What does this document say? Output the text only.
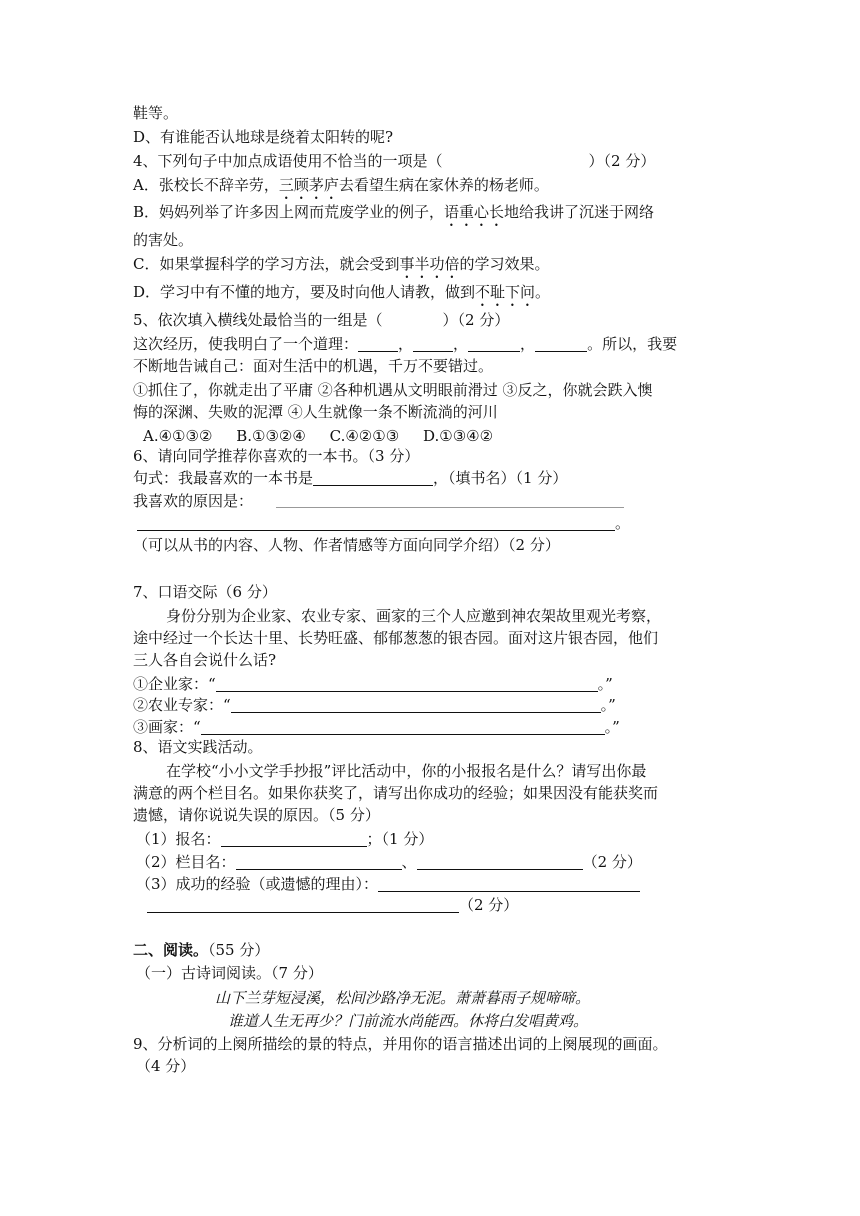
鞋等。
D、有谁能否认地球是绕着太阳转的呢?
4、下列句子中加点成语使用不恰当的一项是（	）（2 分）
A．张校长不辞辛劳，三顾茅庐去看望生病在家休养的杨老师。
B．妈妈列举了许多因上网而荒废学业的例子，语重心长地给我讲了沉迷于网络
的害处。
C．如果掌握科学的学习方法，就会受到事半功倍的学习效果。
D．学习中有不懂的地方，要及时向他人请教，做到不耻下问。
5、依次填入横线处最恰当的一组是（	）（2 分）
这次经历，使我明白了一个道理：	，	，	，	。所以，我要
不断地告诫自己：面对生活中的机遇，千万不要错过。
①抓住了，你就走出了平庸 ②各种机遇从文明眼前滑过 ③反之，你就会跌入懊
悔的深渊、失败的泥潭 ④人生就像一条不断流淌的河川
A.④①③②     B.①③②④     C.④②①③     D.①③④②
6、请向同学推荐你喜欢的一本书。（3 分）
句式：我最喜欢的一本书是	，（填书名）（1 分）
我喜欢的原因是：
。
（可以从书的内容、人物、作者情感等方面向同学介绍）（2 分）
7、口语交际（6 分）
身份分别为企业家、农业专家、画家的三个人应邀到神农架故里观光考察，
途中经过一个长达十里、长势旺盛、郁郁葱葱的银杏园。面对这片银杏园，他们
三人各自会说什么话?
①企业家：“	。”
②农业专家：“	。”
③画家：“	。”
8、语文实践活动。
在学校“小小文学手抄报”评比活动中，你的小报报名是什么？请写出你最
满意的两个栏目名。如果你获奖了，请写出你成功的经验；如果因没有能获奖而
遗憾，请你说说失误的原因。（5 分）
（1）报名：	；（1 分）
（2）栏目名：	、	（2 分）
（3）成功的经验（或遗憾的理由）：
（2 分）
二、阅读。（55 分）
（一）古诗词阅读。（7 分）
山下兰芽短浸溪，松间沙路净无泥。萧萧暮雨子规啼啼。
谁道人生无再少？门前流水尚能西。休将白发唱黄鸡。
9、分析词的上阕所描绘的景的特点，并用你的语言描述出词的上阕展现的画面。
（4 分）
